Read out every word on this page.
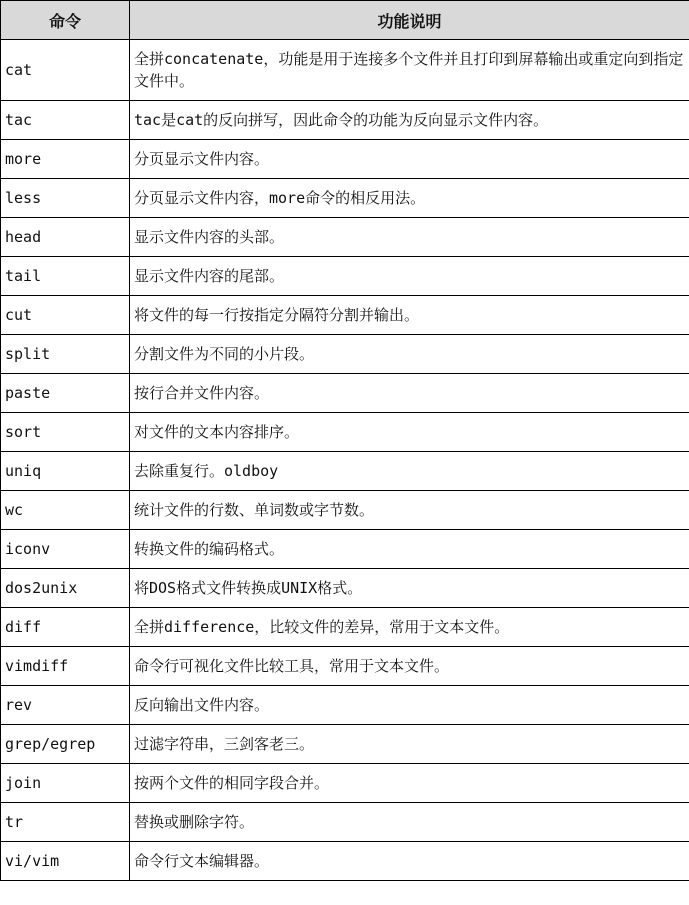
命令	功能说明
cat	全拼concatenate，功能是用于连接多个文件并且打印到屏幕输出或重定向到指定文件中。
tac	tac是cat的反向拼写，因此命令的功能为反向显示文件内容。
more	分页显示文件内容。
less	分页显示文件内容，more命令的相反用法。
head	显示文件内容的头部。
tail	显示文件内容的尾部。
cut	将文件的每一行按指定分隔符分割并输出。
split	分割文件为不同的小片段。
paste	按行合并文件内容。
sort	对文件的文本内容排序。
uniq	去除重复行。oldboy
wc	统计文件的行数、单词数或字节数。
iconv	转换文件的编码格式。
dos2unix	将DOS格式文件转换成UNIX格式。
diff	全拼difference，比较文件的差异，常用于文本文件。
vimdiff	命令行可视化文件比较工具，常用于文本文件。
rev	反向输出文件内容。
grep/egrep	过滤字符串，三剑客老三。
join	按两个文件的相同字段合并。
tr	替换或删除字符。
vi/vim	命令行文本编辑器。
